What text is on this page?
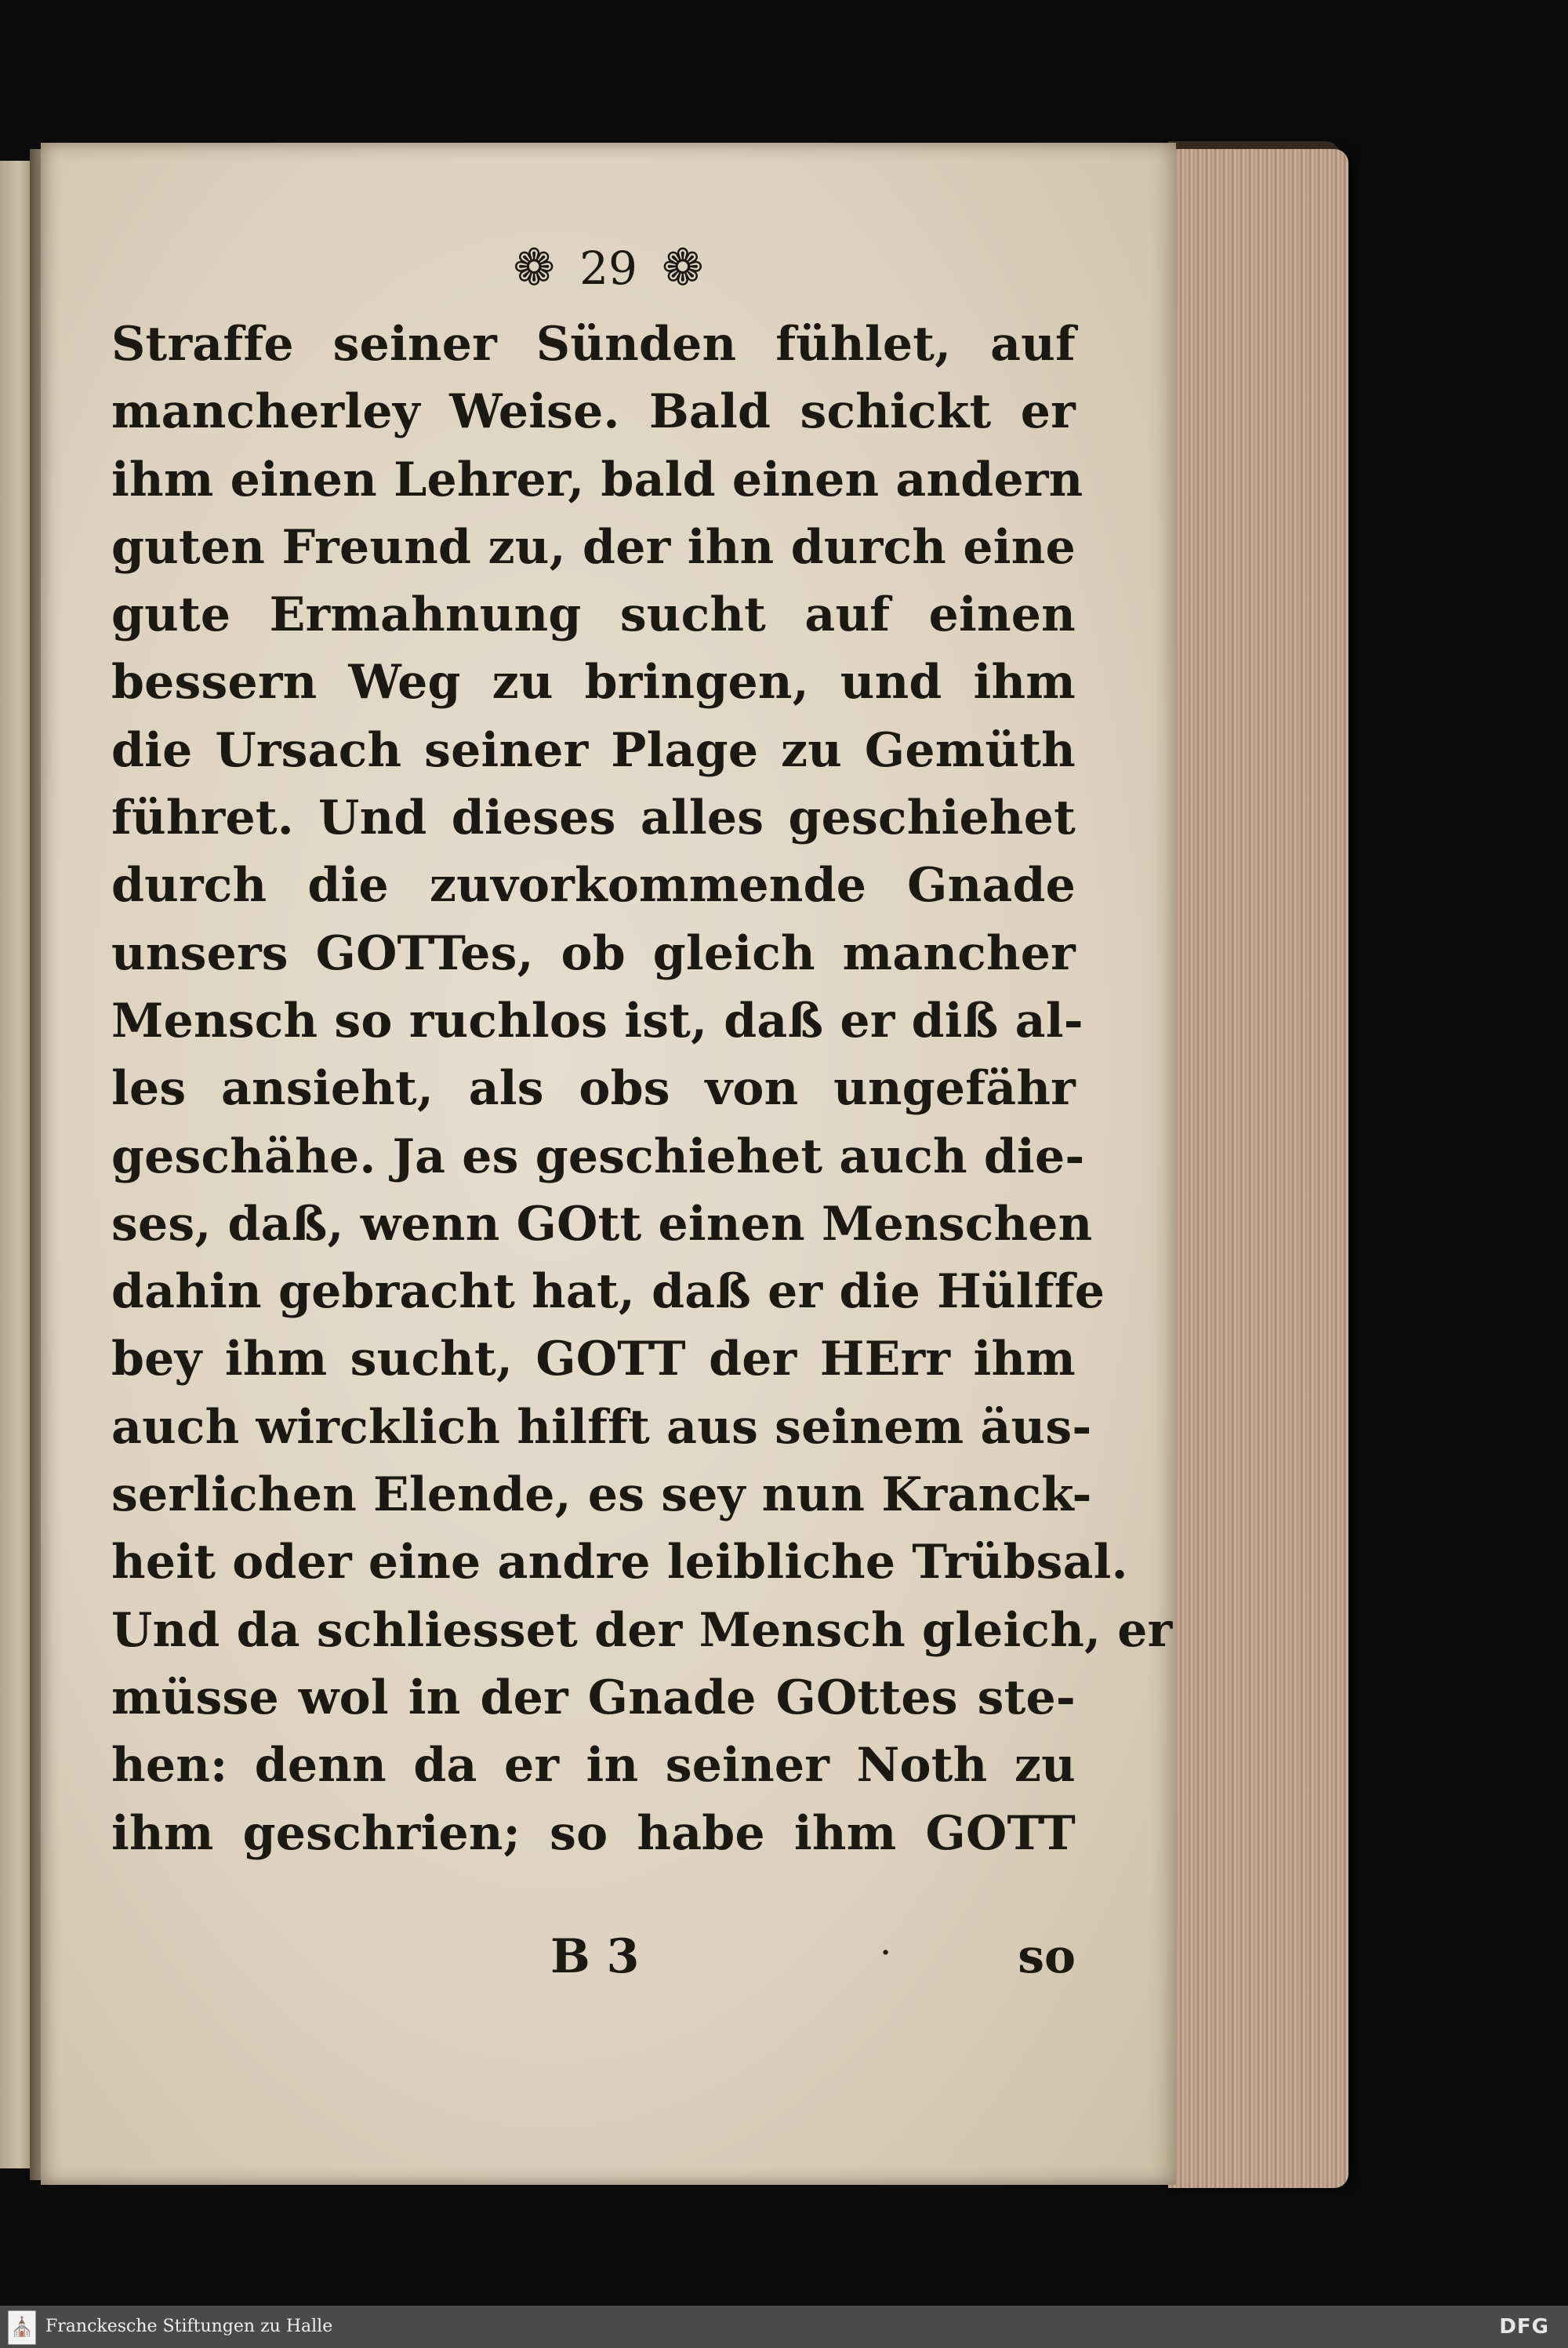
❁ 29 ❁
Straffe seiner Sünden fühlet, auf
mancherley Weise. Bald schickt er
ihm einen Lehrer, bald einen andern
guten Freund zu, der ihn durch eine
gute Ermahnung sucht auf einen
bessern Weg zu bringen, und ihm
die Ursach seiner Plage zu Gemüth
führet. Und dieses alles geschiehet
durch die zuvorkommende Gnade
unsers GOTTes, ob gleich mancher
Mensch so ruchlos ist, daß er diß al-
les ansieht, als obs von ungefähr
geschähe. Ja es geschiehet auch die-
ses, daß, wenn GOtt einen Menschen
dahin gebracht hat, daß er die Hülffe
bey ihm sucht, GOTT der HErr ihm
auch wircklich hilfft aus seinem äus-
serlichen Elende, es sey nun Kranck-
heit oder eine andre leibliche Trübsal.
Und da schliesset der Mensch gleich, er
müsse wol in der Gnade GOttes ste-
hen: denn da er in seiner Noth zu
ihm geschrien; so habe ihm GOTT
B 3	·	so
⛪ Franckesche Stiftungen zu Halle	DFG
